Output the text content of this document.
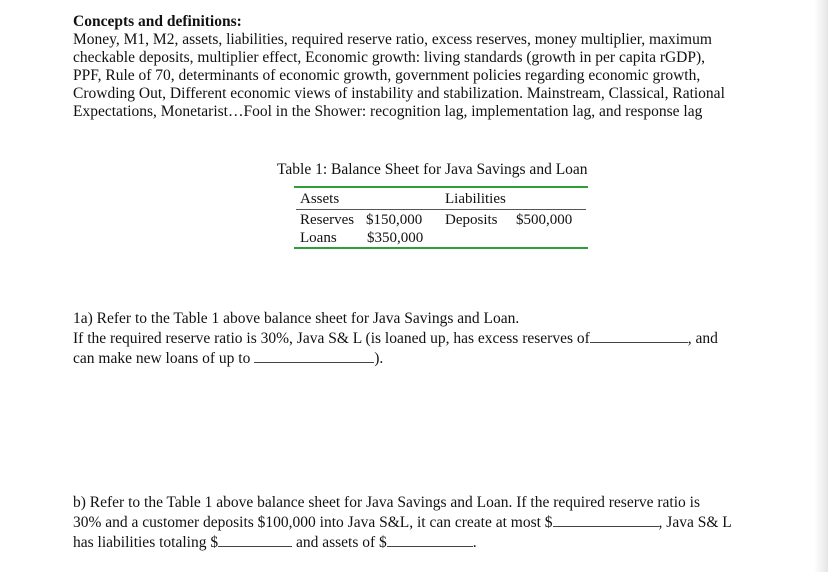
Concepts and definitions:
Money, M1, M2, assets, liabilities, required reserve ratio, excess reserves, money multiplier, maximum
checkable deposits, multiplier effect, Economic growth: living standards (growth in per capita rGDP),
PPF, Rule of 70, determinants of economic growth, government policies regarding economic growth,
Crowding Out, Different economic views of instability and stabilization. Mainstream, Classical, Rational
Expectations, Monetarist…Fool in the Shower: recognition lag, implementation lag, and response lag
Table 1: Balance Sheet for Java Savings and Loan
Assets	Liabilities
Reserves $150,000 Deposits $500,000
Loans $350,000
1a) Refer to the Table 1 above balance sheet for Java Savings and Loan.
If the required reserve ratio is 30%, Java S& L (is loaned up, has excess reserves of	, and
can make new loans of up to	).
b) Refer to the Table 1 above balance sheet for Java Savings and Loan. If the required reserve ratio is
30% and a customer deposits $100,000 into Java S&L, it can create at most $	, Java S& L
has liabilities totaling $	and assets of $	.
